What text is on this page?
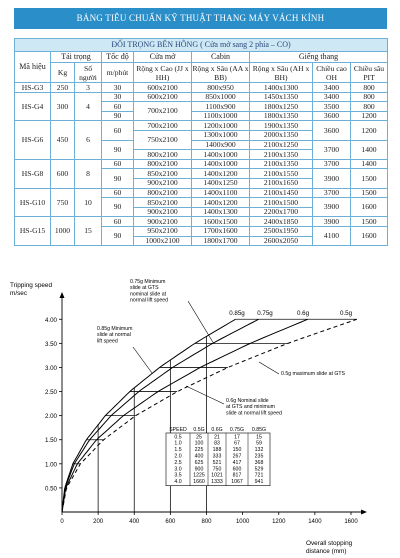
BẢNG TIÊU CHUẨN KỸ THUẬT THANG MÁY VÁCH KÍNH
ĐỐI TRỌNG BÊN HÔNG ( Cửa mở sang 2 phía – CO)								
Mã hiệu	Tải trọng		Tốc độ	Cửa mở	Cabin	Giếng thang		
	Kg	Số người	m/phút	Rộng x Cao (JJ x HH)	Rộng x Sâu (AA x BB)	Rộng x Sâu (AH x BH)	Chiều cao OH	Chiều sâu PIT
HS-G3	250	3	30	600x2100	800x950	1400x1300	3400	800
HS-G4	300	4	30	600x2100	850x1000	1450x1350	3400	800
			60	700x2100	1100x900	1800x1250	3500	800
			90		1100x1000	1800x1350	3600	1200
HS-G6	450	6	60	700x2100	1200x1000	1900x1350	3600	1200
				750x2100	1300x1000	2000x1350		
			90		1400x900	2100x1250	3700	1400
				800x2100	1400x1000	2100x1350		
HS-G8	600	8	60	800x2100	1400x1000	2100x1350	3700	1400
			90	850x2100	1400x1200	2100x1550	3900	1500
				900x2100	1400x1250	2100x1650		
HS-G10	750	10	60	800x2100	1400x1100	2100x1450	3700	1500
			90	850x2100	1400x1200	2100x1500	3900	1600
				900x2100	1400x1300	2200x1700		
HS-G15	1000	15	60	900x2100	1600x1500	2400x1850	3900	1500
			90	950x2100	1700x1600	2500x1950	4100	1600
				1000x2100	1800x1700	2600x2050		
0.50
1.00
1.50
2.00
2.50
3.00
3.50
4.00
0	200	400	600	800	1000	1200	1400	1600
Tripping speed
m/sec
Overall stopping
distance (mm)
0.85g 0.75g	0.6g	0.5g
0.75g Minimum
slide at GTS
nominal slide at
normal lift speed
0.85g Minimum
slide at normal
lift speed
0.5g maximum slide at GTS
0.6g Nominal slide
at GTS and minimum
slide at normal lift speed
SPEED 0.5G 0.6G 0.75G 0.85G
0.5	25 21	17	15
1.0	100 83	67	59
1.5	225 188 150	132
2.0	400 333 267	235
2.5	625 521 417	368
3.0	900 750 600	529
3.5 1225 1021 817	721
4.0 1660 1333 1067 941
